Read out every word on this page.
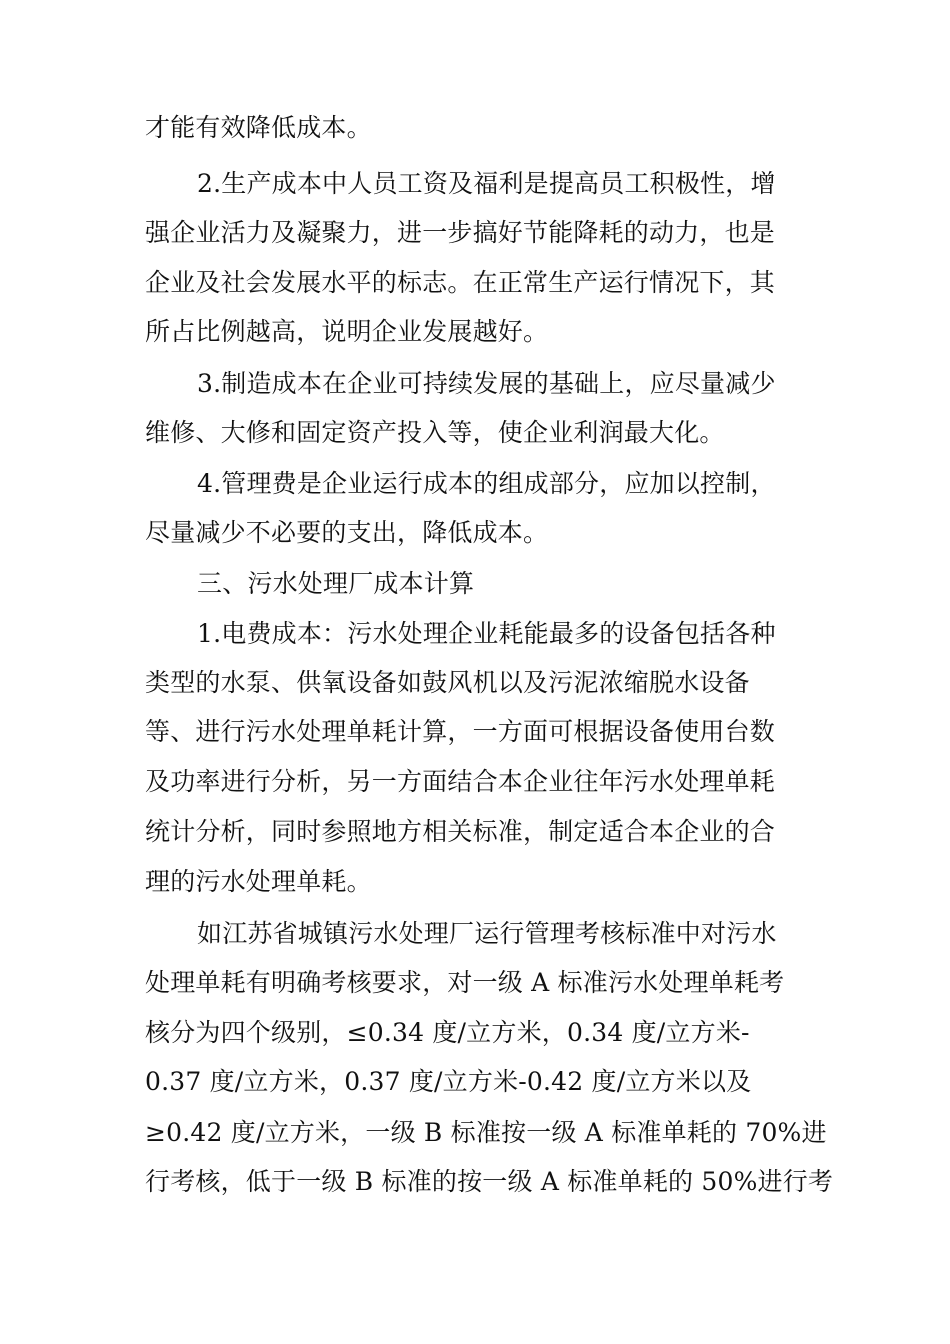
才能有效降低成本。
2.生产成本中人员工资及福利是提高员工积极性，增
强企业活力及凝聚力，进一步搞好节能降耗的动力，也是
企业及社会发展水平的标志。在正常生产运行情况下，其
所占比例越高，说明企业发展越好。
3.制造成本在企业可持续发展的基础上，应尽量减少
维修、大修和固定资产投入等，使企业利润最大化。
4.管理费是企业运行成本的组成部分，应加以控制，
尽量减少不必要的支出，降低成本。
三、污水处理厂成本计算
1.电费成本：污水处理企业耗能最多的设备包括各种
类型的水泵、供氧设备如鼓风机以及污泥浓缩脱水设备
等、进行污水处理单耗计算，一方面可根据设备使用台数
及功率进行分析，另一方面结合本企业往年污水处理单耗
统计分析，同时参照地方相关标准，制定适合本企业的合
理的污水处理单耗。
如江苏省城镇污水处理厂运行管理考核标准中对污水
处理单耗有明确考核要求，对一级 A 标准污水处理单耗考
核分为四个级别，≤0.34 度/立方米，0.34 度/立方米-
0.37 度/立方米，0.37 度/立方米-0.42 度/立方米以及
≥0.42 度/立方米，一级 B 标准按一级 A 标准单耗的 70%进
行考核，低于一级 B 标准的按一级 A 标准单耗的 50%进行考
